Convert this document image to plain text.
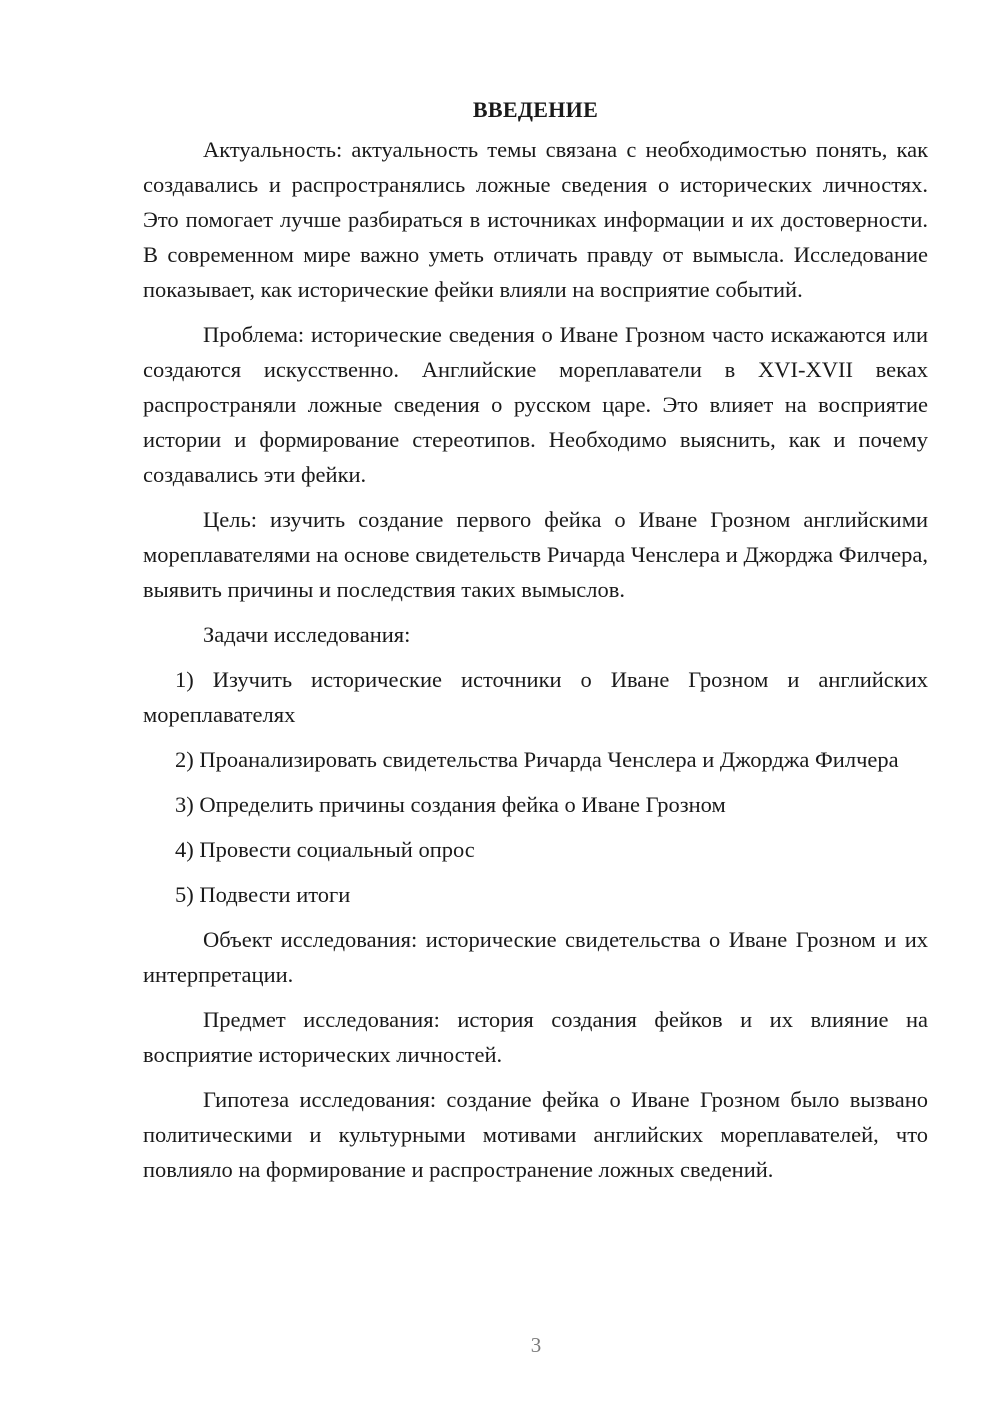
ВВЕДЕНИЕ

Актуальность: актуальность темы связана с необходимостью понять, как создавались и распространялись ложные сведения о исторических личностях. Это помогает лучше разбираться в источниках информации и их достоверности. В современном мире важно уметь отличать правду от вымысла. Исследование показывает, как исторические фейки влияли на восприятие событий.

Проблема: исторические сведения о Иване Грозном часто искажаются или создаются искусственно. Английские мореплаватели в XVI-XVII веках распространяли ложные сведения о русском царе. Это влияет на восприятие истории и формирование стереотипов. Необходимо выяснить, как и почему создавались эти фейки.

Цель: изучить создание первого фейка о Иване Грозном английскими мореплавателями на основе свидетельств Ричарда Ченслера и Джорджа Филчера, выявить причины и последствия таких вымыслов.

Задачи исследования:

1) Изучить исторические источники о Иване Грозном и английских мореплавателях

2) Проанализировать свидетельства Ричарда Ченслера и Джорджа Филчера

3) Определить причины создания фейка о Иване Грозном

4) Провести социальный опрос

5) Подвести итоги

Объект исследования: исторические свидетельства о Иване Грозном и их интерпретации.

Предмет исследования: история создания фейков и их влияние на восприятие исторических личностей.

Гипотеза исследования: создание фейка о Иване Грозном было вызвано политическими и культурными мотивами английских мореплавателей, что повлияло на формирование и распространение ложных сведений.

3
